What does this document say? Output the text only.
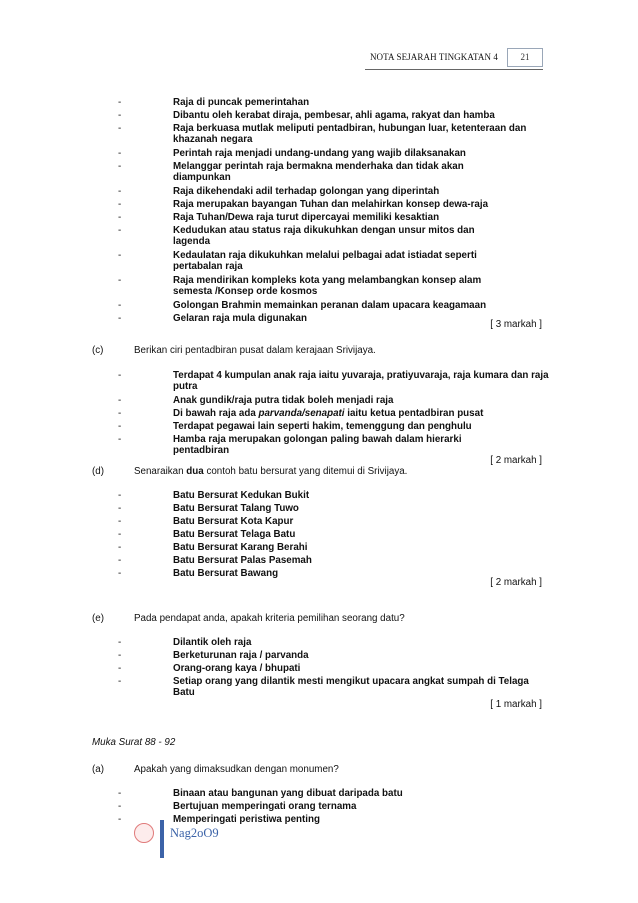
NOTA SEJARAH TINGKATAN 4	21
-	Raja di puncak pemerintahan
-	Dibantu oleh kerabat diraja, pembesar, ahli agama, rakyat dan hamba
-	Raja berkuasa mutlak meliputi pentadbiran, hubungan luar, ketenteraan dan khazanah negara
-	Perintah raja menjadi undang-undang yang wajib dilaksanakan
-	Melanggar perintah raja bermakna menderhaka dan tidak akan diampunkan
-	Raja dikehendaki adil terhadap golongan yang diperintah
-	Raja merupakan bayangan Tuhan dan melahirkan konsep dewa-raja
-	Raja Tuhan/Dewa raja turut dipercayai memiliki kesaktian
-	Kedudukan atau status raja dikukuhkan dengan unsur mitos dan lagenda
-	Kedaulatan raja dikukuhkan melalui pelbagai adat istiadat seperti pertabalan raja
-	Raja mendirikan kompleks kota yang melambangkan konsep alam semesta /Konsep orde kosmos
-	Golongan Brahmin memainkan peranan dalam upacara keagamaan
-	Gelaran raja mula digunakan
[ 3 markah ]
(c)	Berikan ciri pentadbiran pusat dalam kerajaan Srivijaya.
-	Terdapat 4 kumpulan anak raja iaitu yuvaraja, pratiyuvaraja, raja kumara dan raja putra
-	Anak gundik/raja putra tidak boleh menjadi raja
-	Di bawah raja ada parvanda/senapati iaitu ketua pentadbiran pusat
-	Terdapat pegawai lain seperti hakim, temenggung dan penghulu
-	Hamba raja merupakan golongan paling bawah dalam hierarki pentadbiran
[ 2 markah ]
(d)	Senaraikan dua contoh batu bersurat yang ditemui di Srivijaya.
-	Batu Bersurat Kedukan Bukit
-	Batu Bersurat Talang Tuwo
-	Batu Bersurat Kota Kapur
-	Batu Bersurat Telaga Batu
-	Batu Bersurat Karang Berahi
-	Batu Bersurat Palas Pasemah
-	Batu Bersurat Bawang
[ 2 markah ]
(e)	Pada pendapat anda, apakah kriteria pemilihan seorang datu?
-	Dilantik oleh raja
-	Berketurunan raja / parvanda
-	Orang-orang kaya / bhupati
-	Setiap orang yang dilantik mesti mengikut upacara angkat sumpah di Telaga Batu
[ 1 markah ]
Muka Surat 88 - 92
(a)	Apakah yang dimaksudkan dengan monumen?
-	Binaan atau bangunan yang dibuat daripada batu
-	Bertujuan memperingati orang ternama
-	Memperingati peristiwa penting
Nag2oO9
